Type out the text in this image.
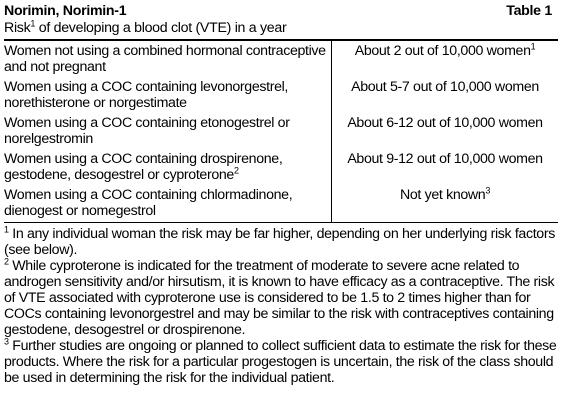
Norimin, Norimin-1	Table 1
Risk$^1$ of developing a blood clot (VTE) in a year
Women not using a combined hormonal contraceptive and not pregnant	About 2 out of 10,000 women$^1$
Women using a COC containing levonorgestrel, norethisterone or norgestimate	About 5-7 out of 10,000 women
Women using a COC containing etonogestrel or norelgestromin	About 6-12 out of 10,000 women
Women using a COC containing drospirenone, gestodene, desogestrel or cyproterone$^2$	About 9-12 out of 10,000 women
Women using a COC containing chlormadinone, dienogest or nomegestrol	Not yet known$^3$

$^1$ In any individual woman the risk may be far higher, depending on her underlying risk factors (see below).

$^2$ While cyproterone is indicated for the treatment of moderate to severe acne related to androgen sensitivity and/or hirsutism, it is known to have efficacy as a contraceptive. The risk of VTE associated with cyproterone use is considered to be 1.5 to 2 times higher than for COCs containing levonorgestrel and may be similar to the risk with contraceptives containing gestodene, desogestrel or drospirenone.

$^3$ Further studies are ongoing or planned to collect sufficient data to estimate the risk for these products. Where the risk for a particular progestogen is uncertain, the risk of the class should be used in determining the risk for the individual patient.
